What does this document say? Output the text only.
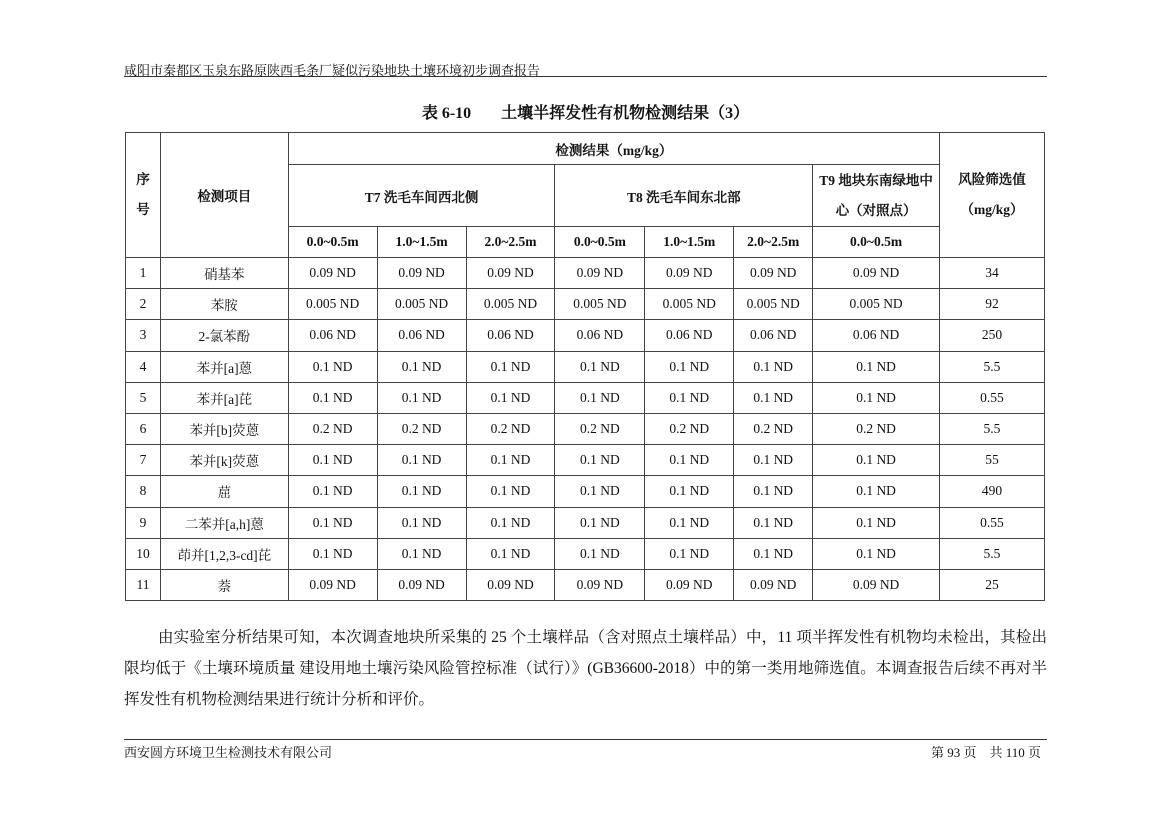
咸阳市秦都区玉泉东路原陕西毛条厂疑似污染地块土壤环境初步调查报告
表 6-10 土壤半挥发性有机物检测结果（3）
序
号	检测项目	检测结果（mg/kg）							风险筛选值（mg/kg）
		T7 洗毛车间西北侧			T8 洗毛车间东北部			T9 地块东南绿地中心（对照点）	
		0.0~0.5m	1.0~1.5m	2.0~2.5m	0.0~0.5m	1.0~1.5m	2.0~2.5m	0.0~0.5m	
1	硝基苯	0.09 ND	0.09 ND	0.09 ND	0.09 ND	0.09 ND	0.09 ND	0.09 ND	34
2	苯胺	0.005 ND	0.005 ND	0.005 ND	0.005 ND	0.005 ND	0.005 ND	0.005 ND	92
3	2-氯苯酚	0.06 ND	0.06 ND	0.06 ND	0.06 ND	0.06 ND	0.06 ND	0.06 ND	250
4	苯并[a]蒽	0.1 ND	0.1 ND	0.1 ND	0.1 ND	0.1 ND	0.1 ND	0.1 ND	5.5
5	苯并[a]芘	0.1 ND	0.1 ND	0.1 ND	0.1 ND	0.1 ND	0.1 ND	0.1 ND	0.55
6	苯并[b]荧蒽	0.2 ND	0.2 ND	0.2 ND	0.2 ND	0.2 ND	0.2 ND	0.2 ND	5.5
7	苯并[k]荧蒽	0.1 ND	0.1 ND	0.1 ND	0.1 ND	0.1 ND	0.1 ND	0.1 ND	55
8	䓛	0.1 ND	0.1 ND	0.1 ND	0.1 ND	0.1 ND	0.1 ND	0.1 ND	490
9	二苯并[a,h]蒽	0.1 ND	0.1 ND	0.1 ND	0.1 ND	0.1 ND	0.1 ND	0.1 ND	0.55
10	茚并[1,2,3-cd]芘	0.1 ND	0.1 ND	0.1 ND	0.1 ND	0.1 ND	0.1 ND	0.1 ND	5.5
11	萘	0.09 ND	0.09 ND	0.09 ND	0.09 ND	0.09 ND	0.09 ND	0.09 ND	25
由实验室分析结果可知，本次调查地块所采集的 25 个土壤样品（含对照点土壤样品）中，11 项半挥发性有机物均未检出，其检出限均低于《土壤环境质量 建设用地土壤污染风险管控标准（试行）》(GB36600-2018）中的第一类用地筛选值。本调查报告后续不再对半挥发性有机物检测结果进行统计分析和评价。
西安圆方环境卫生检测技术有限公司	第 93 页 共 110 页
